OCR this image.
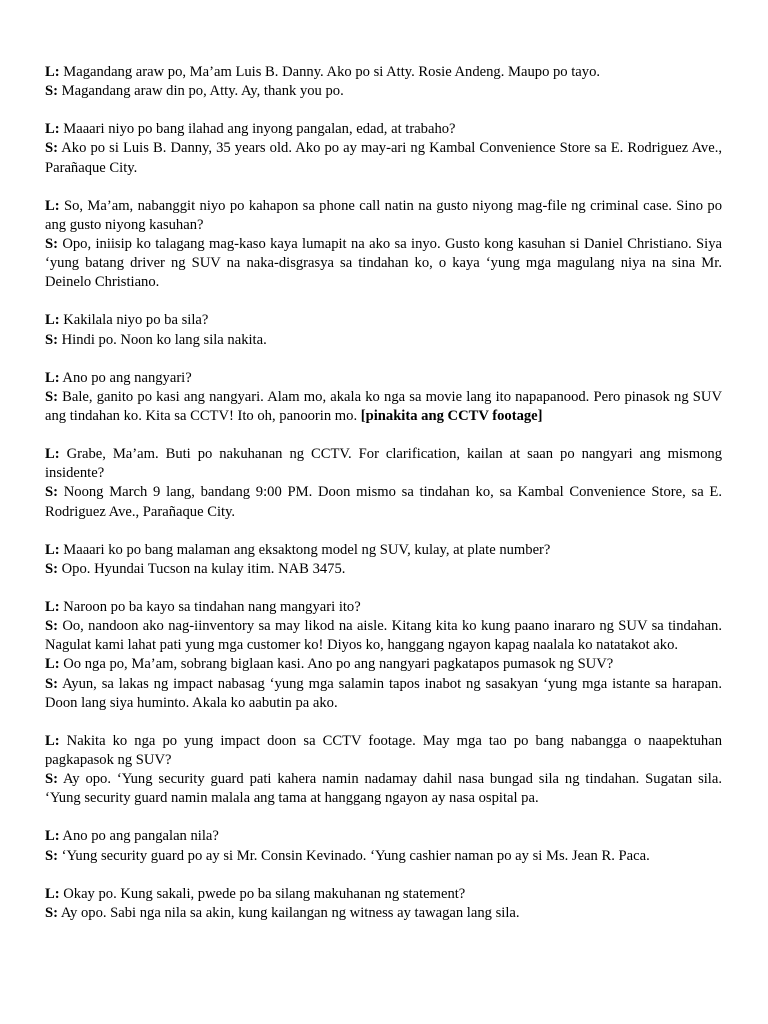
L: Magandang araw po, Ma’am Luis B. Danny. Ako po si Atty. Rosie Andeng. Maupo po tayo.

S: Magandang araw din po, Atty. Ay, thank you po.

L: Maaari niyo po bang ilahad ang inyong pangalan, edad, at trabaho?

S: Ako po si Luis B. Danny, 35 years old. Ako po ay may-ari ng Kambal Convenience Store sa E. Rodriguez Ave., Parañaque City.

L: So, Ma’am, nabanggit niyo po kahapon sa phone call natin na gusto niyong mag-file ng criminal case. Sino po ang gusto niyong kasuhan?

S: Opo, iniisip ko talagang mag-kaso kaya lumapit na ako sa inyo. Gusto kong kasuhan si Daniel Christiano. Siya ‘yung batang driver ng SUV na naka-disgrasya sa tindahan ko, o kaya ‘yung mga magulang niya na sina Mr. Deinelo Christiano.

L: Kakilala niyo po ba sila?

S: Hindi po. Noon ko lang sila nakita.

L: Ano po ang nangyari?

S: Bale, ganito po kasi ang nangyari. Alam mo, akala ko nga sa movie lang ito napapanood. Pero pinasok ng SUV ang tindahan ko. Kita sa CCTV! Ito oh, panoorin mo. [pinakita ang CCTV footage]

L: Grabe, Ma’am. Buti po nakuhanan ng CCTV. For clarification, kailan at saan po nangyari ang mismong insidente?

S: Noong March 9 lang, bandang 9:00 PM. Doon mismo sa tindahan ko, sa Kambal Convenience Store, sa E. Rodriguez Ave., Parañaque City.

L: Maaari ko po bang malaman ang eksaktong model ng SUV, kulay, at plate number?

S: Opo. Hyundai Tucson na kulay itim. NAB 3475.

L: Naroon po ba kayo sa tindahan nang mangyari ito?

S: Oo, nandoon ako nag-iinventory sa may likod na aisle. Kitang kita ko kung paano inararo ng SUV sa tindahan. Nagulat kami lahat pati yung mga customer ko! Diyos ko, hanggang ngayon kapag naalala ko natatakot ako.

L: Oo nga po, Ma’am, sobrang biglaan kasi. Ano po ang nangyari pagkatapos pumasok ng SUV?

S: Ayun, sa lakas ng impact nabasag ‘yung mga salamin tapos inabot ng sasakyan ‘yung mga istante sa harapan. Doon lang siya huminto. Akala ko aabutin pa ako.

L: Nakita ko nga po yung impact doon sa CCTV footage. May mga tao po bang nabangga o naapektuhan pagkapasok ng SUV?

S: Ay opo. ‘Yung security guard pati kahera namin nadamay dahil nasa bungad sila ng tindahan. Sugatan sila. ‘Yung security guard namin malala ang tama at hanggang ngayon ay nasa ospital pa.

L: Ano po ang pangalan nila?

S: ‘Yung security guard po ay si Mr. Consin Kevinado. ‘Yung cashier naman po ay si Ms. Jean R. Paca.

L: Okay po. Kung sakali, pwede po ba silang makuhanan ng statement?

S: Ay opo. Sabi nga nila sa akin, kung kailangan ng witness ay tawagan lang sila.
